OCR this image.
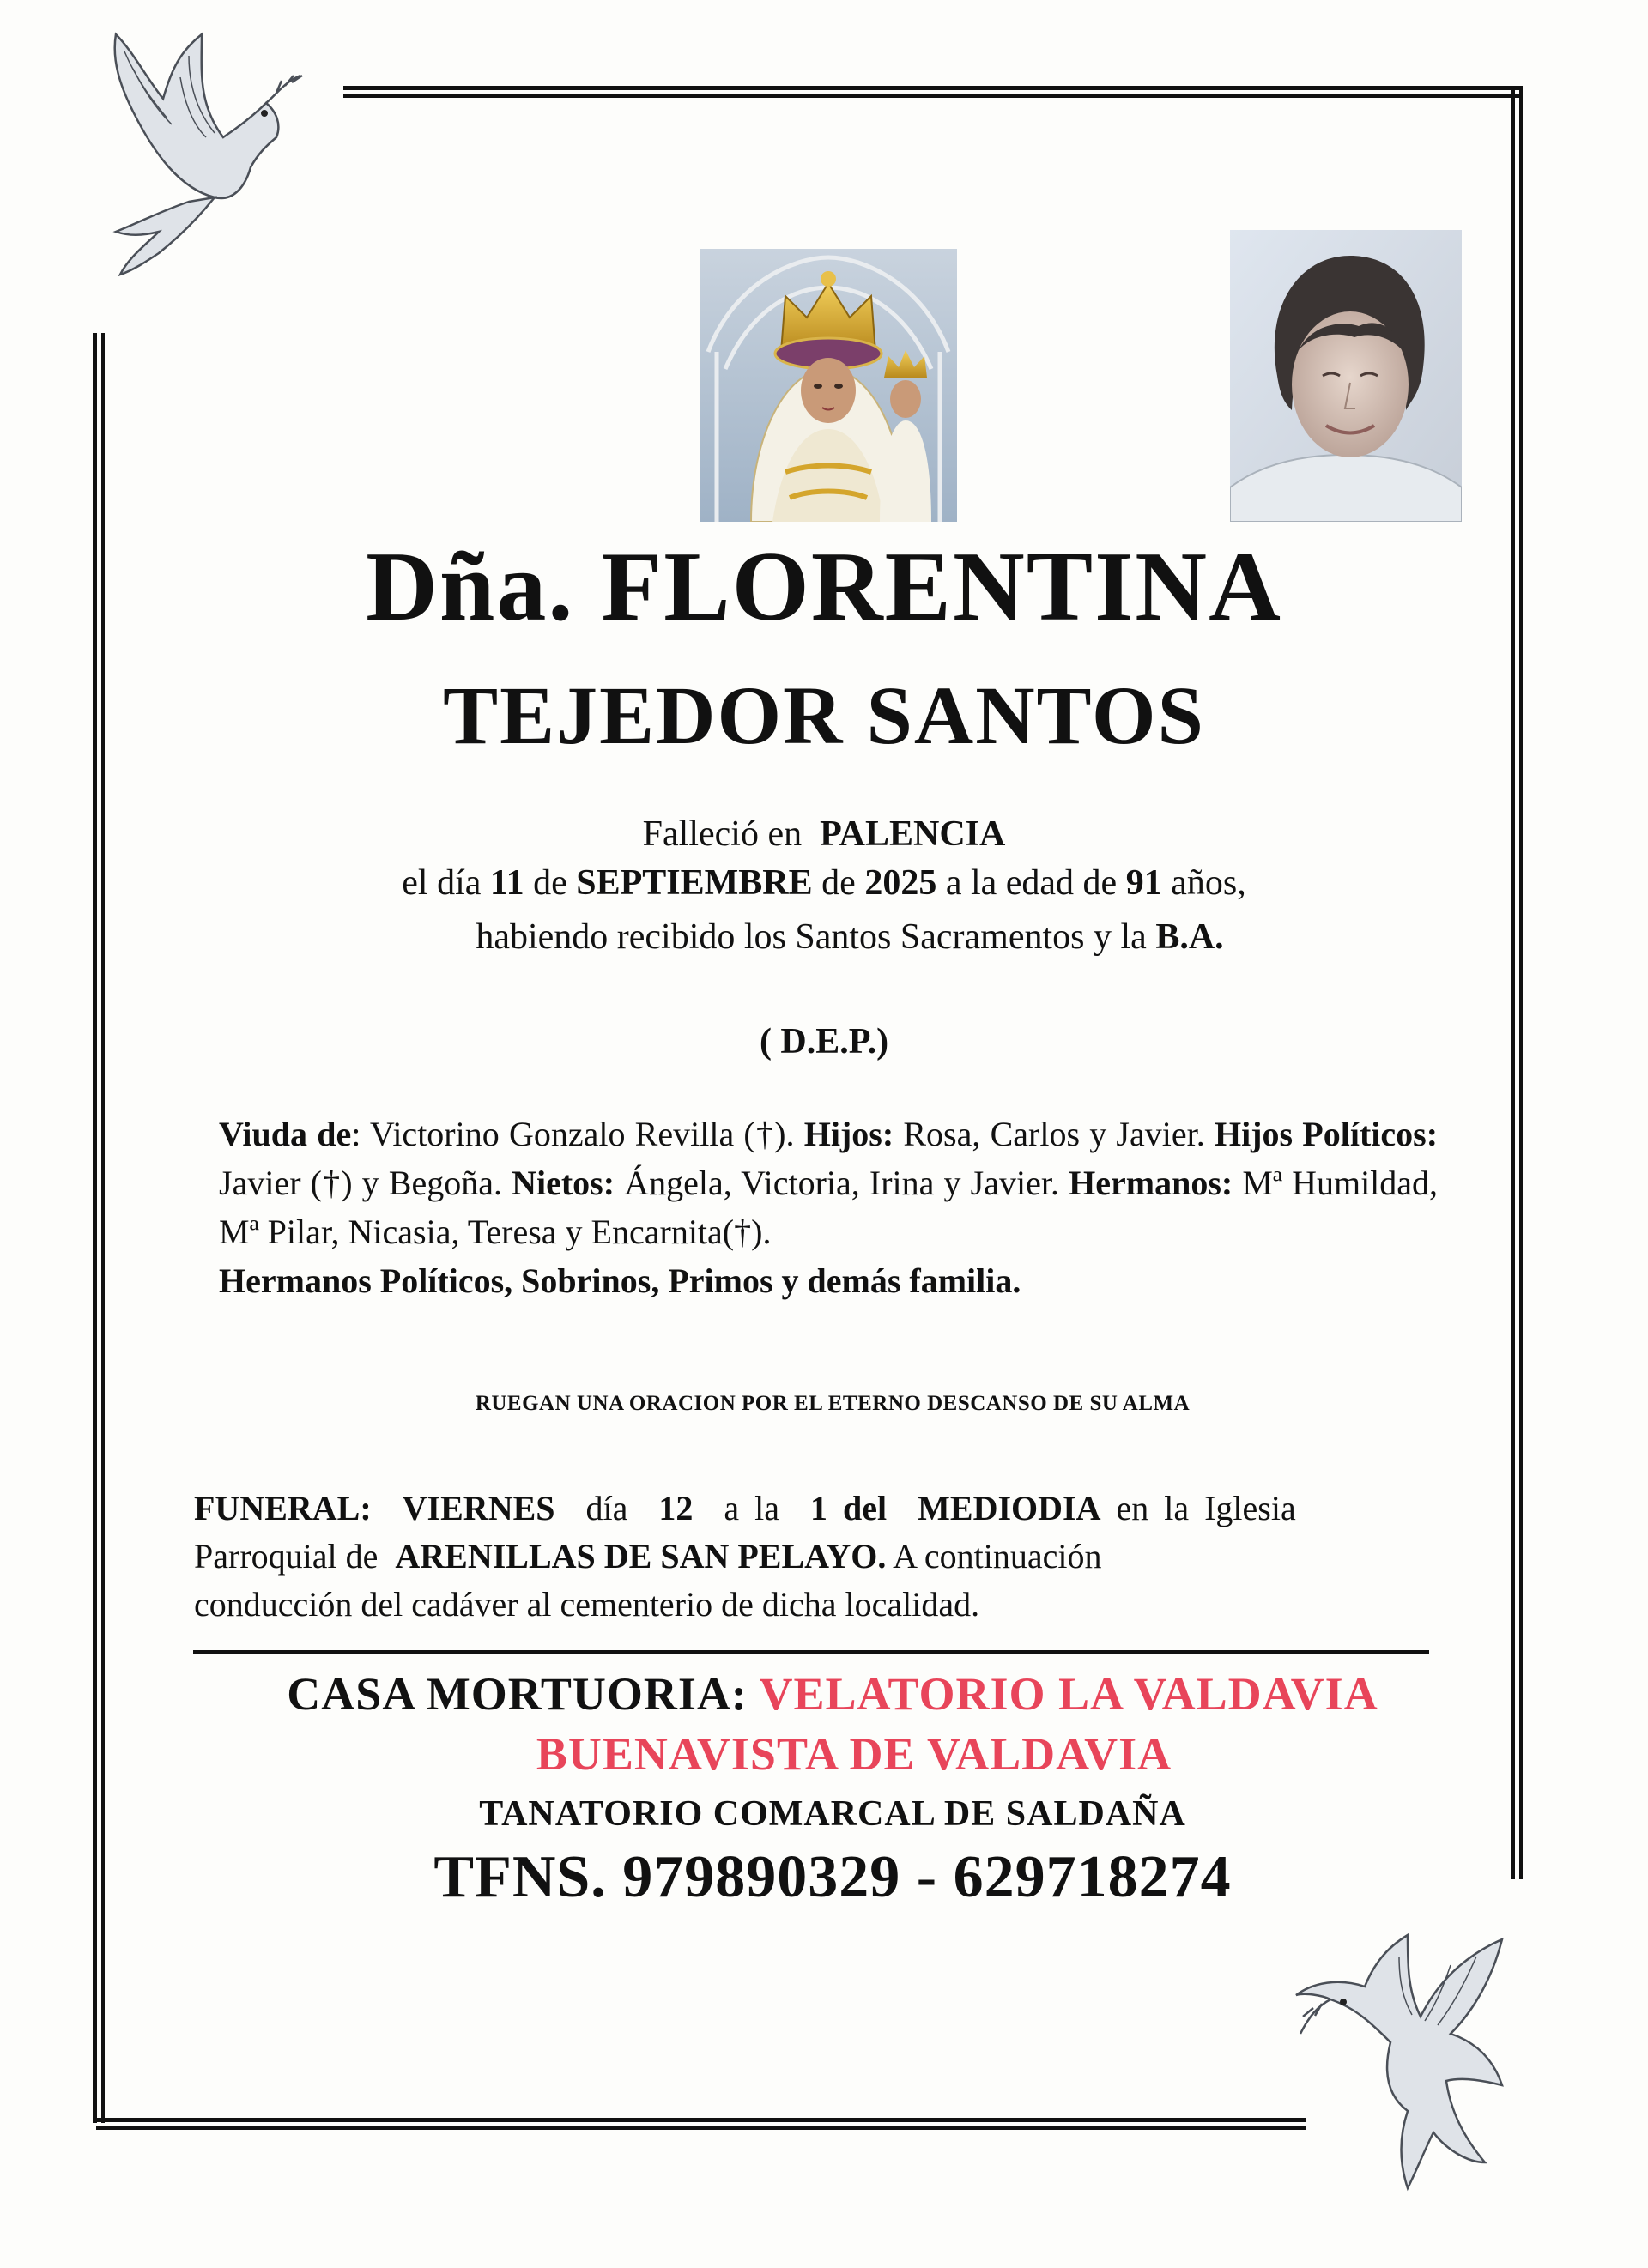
Dña. FLORENTINA
TEJEDOR SANTOS
Falleció en PALENCIA
el día 11 de SEPTIEMBRE de 2025 a la edad de 91 años,
habiendo recibido los Santos Sacramentos y la B.A.
( D.E.P.)

Viuda de: Victorino Gonzalo Revilla (†). Hijos: Rosa, Carlos y Javier. Hijos Políticos: Javier (†) y Begoña. Nietos: Ángela, Victoria, Irina y Javier. Hermanos: Mª Humildad, Mª Pilar, Nicasia, Teresa y Encarnita(†).

Hermanos Políticos, Sobrinos, Primos y demás familia.

RUEGAN UNA ORACION POR EL ETERNO DESCANSO DE SU ALMA

FUNERAL: VIERNES día 12 a la 1 del MEDIODIA en la Iglesia

Parroquial de ARENILLAS DE SAN PELAYO. A continuación

conducción del cadáver al cementerio de dicha localidad.

CASA MORTUORIA: VELATORIO LA VALDAVIA
BUENAVISTA DE VALDAVIA
TANATORIO COMARCAL DE SALDAÑA
TFNS. 979890329 - 629718274
